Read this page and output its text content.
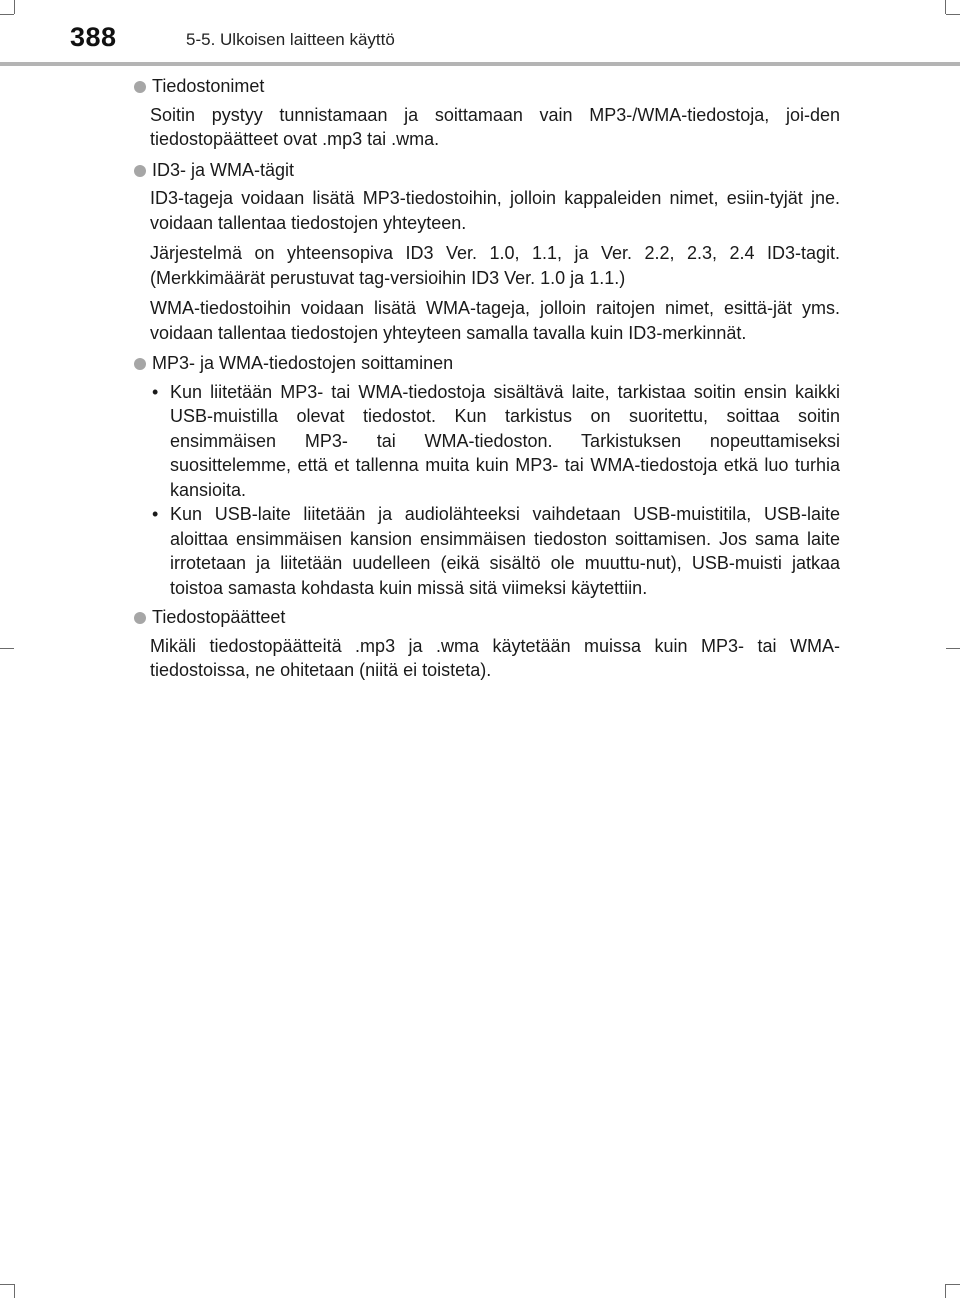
388	5-5. Ulkoisen laitteen käyttö
Tiedostonimet

Soitin pystyy tunnistamaan ja soittamaan vain MP3-/WMA-tiedostoja, joi-den tiedostopäätteet ovat .mp3 tai .wma.

ID3- ja WMA-tägit

ID3-tageja voidaan lisätä MP3-tiedostoihin, jolloin kappaleiden nimet, esiin-tyjät jne. voidaan tallentaa tiedostojen yhteyteen.

Järjestelmä on yhteensopiva ID3 Ver. 1.0, 1.1, ja Ver. 2.2, 2.3, 2.4 ID3-tagit. (Merkkimäärät perustuvat tag-versioihin ID3 Ver. 1.0 ja 1.1.)

WMA-tiedostoihin voidaan lisätä WMA-tageja, jolloin raitojen nimet, esittä-jät yms. voidaan tallentaa tiedostojen yhteyteen samalla tavalla kuin ID3-merkinnät.

MP3- ja WMA-tiedostojen soittaminen
• Kun liitetään MP3- tai WMA-tiedostoja sisältävä laite, tarkistaa soitin ensin kaikki USB-muistilla olevat tiedostot. Kun tarkistus on suoritettu, soittaa soitin ensimmäisen MP3- tai WMA-tiedoston. Tarkistuksen nopeuttamiseksi suosittelemme, että et tallenna muita kuin MP3- tai WMA-tiedostoja etkä luo turhia kansioita.
• Kun USB-laite liitetään ja audiolähteeksi vaihdetaan USB-muistitila, USB-laite aloittaa ensimmäisen kansion ensimmäisen tiedoston soittamisen. Jos sama laite irrotetaan ja liitetään uudelleen (eikä sisältö ole muuttu-nut), USB-muisti jatkaa toistoa samasta kohdasta kuin missä sitä viimeksi käytettiin.
Tiedostopäätteet

Mikäli tiedostopäätteitä .mp3 ja .wma käytetään muissa kuin MP3- tai WMA-tiedostoissa, ne ohitetaan (niitä ei toisteta).
